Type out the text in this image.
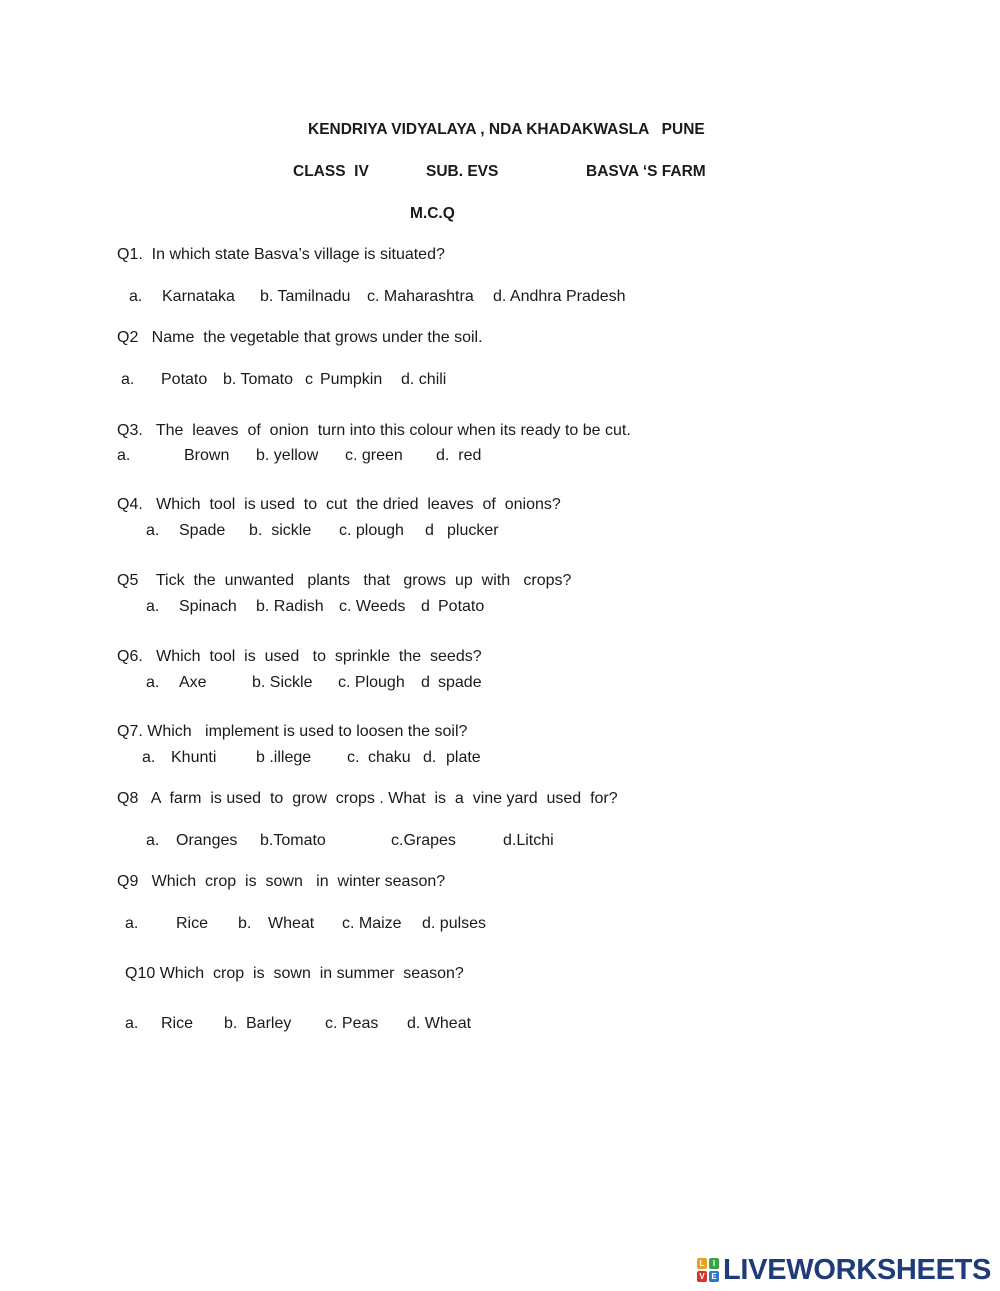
KENDRIYA VIDYALAYA , NDA KHADAKWASLA   PUNE
CLASS  IV	SUB. EVS	BASVA ‘S FARM
M.C.Q
Q1.  In which state Basva’s village is situated?
a. Karnataka b. Tamilnadu c. Maharashtra d. Andhra Pradesh
Q2   Name  the vegetable that grows under the soil.
a. Potato b. Tomato c Pumpkin d. chili
Q3.   The  leaves  of  onion  turn into this colour when its ready to be cut.
a.	Brown b. yellow c. green d.  red
Q4.   Which  tool  is used  to  cut  the dried  leaves  of  onions?
a. Spade b.  sickle c. plough d plucker
Q5    Tick  the  unwanted   plants   that   grows  up  with   crops?
a. Spinach b. Radish c. Weeds d Potato
Q6.   Which  tool  is  used   to  sprinkle  the  seeds?
a. Axe	b. Sickle c. Plough d spade
Q7. Which   implement is used to loosen the soil?
a. Khunti b .illege c. chaku d. plate
Q8   A  farm  is used  to  grow  crops . What  is  a  vine yard  used  for?
a. Oranges b.Tomato	c.Grapes	d.Litchi
Q9   Which  crop  is  sown   in  winter season?
a. Rice b. Wheat c. Maize d. pulses
Q10 Which  crop  is  sown  in summer  season?
a. Rice b. Barley c. Peas d. Wheat
L	I
V E LIVEWORKSHEETS
